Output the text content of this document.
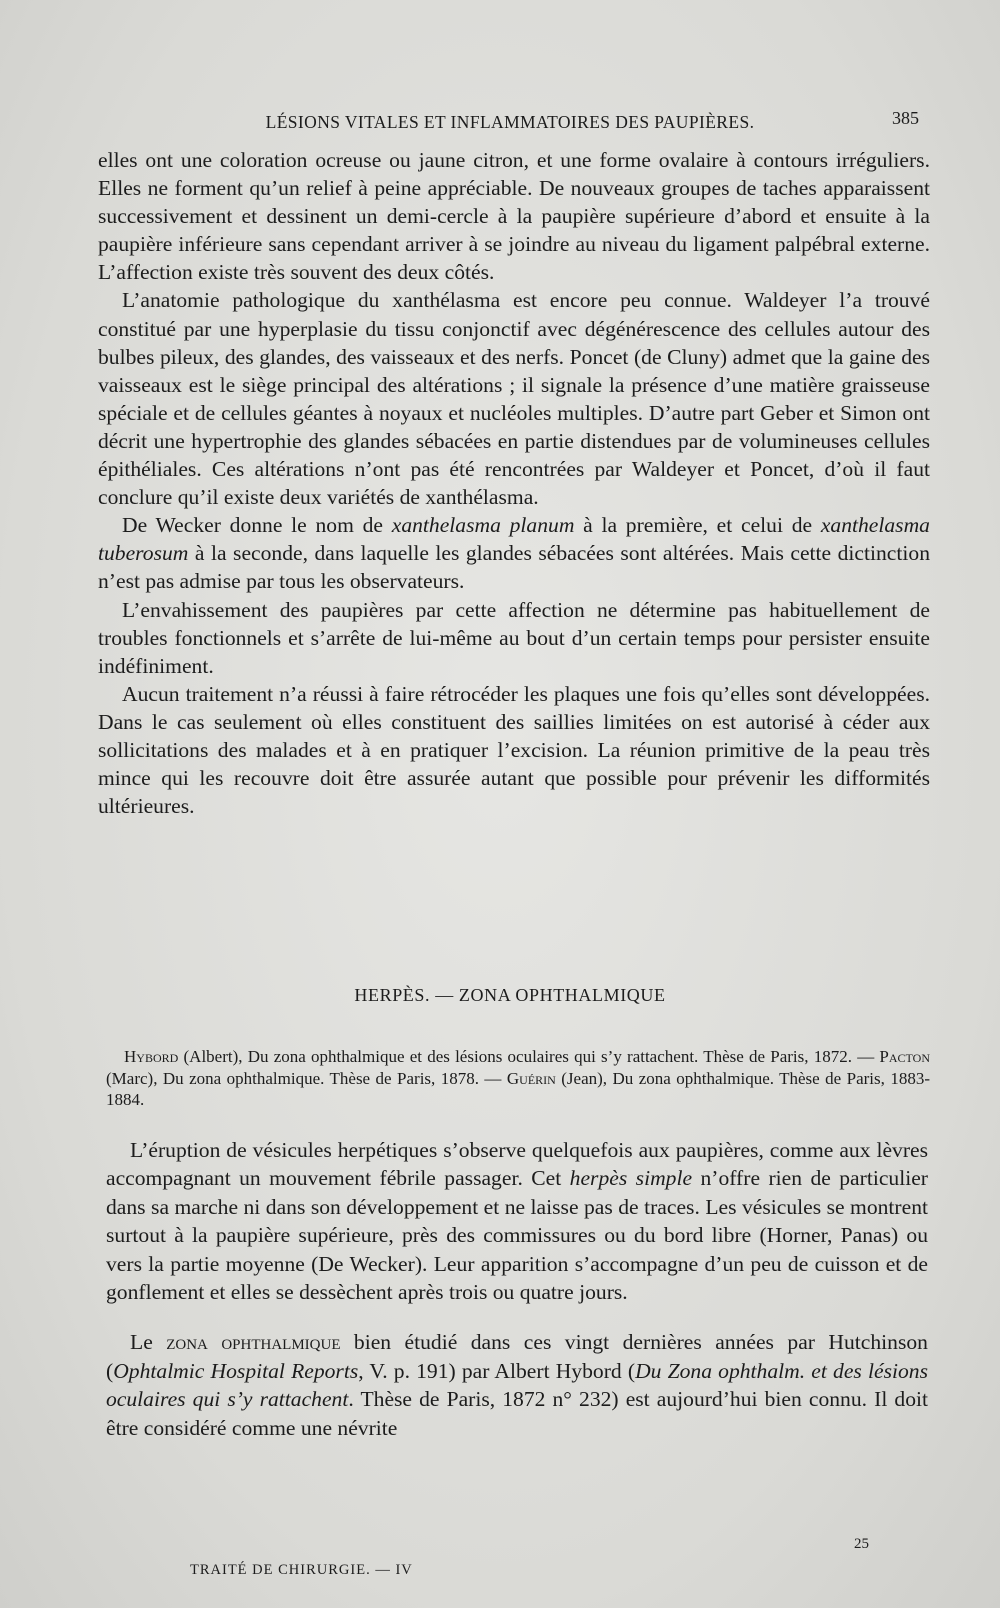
LÉSIONS VITALES ET INFLAMMATOIRES DES PAUPIÈRES.	385

elles ont une coloration ocreuse ou jaune citron, et une forme ovalaire à contours irréguliers. Elles ne forment qu’un relief à peine appréciable. De nouveaux groupes de taches apparaissent successivement et dessinent un demi-cercle à la paupière supérieure d’abord et ensuite à la paupière inférieure sans cependant arriver à se joindre au niveau du ligament palpébral externe. L’affection existe très souvent des deux côtés.

L’anatomie pathologique du xanthélasma est encore peu connue. Waldeyer l’a trouvé constitué par une hyperplasie du tissu conjonctif avec dégénérescence des cellules autour des bulbes pileux, des glandes, des vaisseaux et des nerfs. Poncet (de Cluny) admet que la gaine des vaisseaux est le siège principal des altérations ; il signale la présence d’une matière graisseuse spéciale et de cellules géantes à noyaux et nucléoles multiples. D’autre part Geber et Simon ont décrit une hypertrophie des glandes sébacées en partie distendues par de volumineuses cellules épithéliales. Ces altérations n’ont pas été rencontrées par Waldeyer et Poncet, d’où il faut conclure qu’il existe deux variétés de xanthélasma.

De Wecker donne le nom de xanthelasma planum à la première, et celui de xanthelasma tuberosum à la seconde, dans laquelle les glandes sébacées sont altérées. Mais cette dictinction n’est pas admise par tous les observateurs.

L’envahissement des paupières par cette affection ne détermine pas habituellement de troubles fonctionnels et s’arrête de lui-même au bout d’un certain temps pour persister ensuite indéfiniment.

Aucun traitement n’a réussi à faire rétrocéder les plaques une fois qu’elles sont développées. Dans le cas seulement où elles constituent des saillies limitées on est autorisé à céder aux sollicitations des malades et à en pratiquer l’excision. La réunion primitive de la peau très mince qui les recouvre doit être assurée autant que possible pour prévenir les difformités ultérieures.

HERPÈS. — ZONA OPHTHALMIQUE

Hybord (Albert), Du zona ophthalmique et des lésions oculaires qui s’y rattachent. Thèse de Paris, 1872. — Pacton (Marc), Du zona ophthalmique. Thèse de Paris, 1878. — Guérin (Jean), Du zona ophthalmique. Thèse de Paris, 1883-1884.

L’éruption de vésicules herpétiques s’observe quelquefois aux paupières, comme aux lèvres accompagnant un mouvement fébrile passager. Cet herpès simple n’offre rien de particulier dans sa marche ni dans son développement et ne laisse pas de traces. Les vésicules se montrent surtout à la paupière supérieure, près des commissures ou du bord libre (Horner, Panas) ou vers la partie moyenne (De Wecker). Leur apparition s’accompagne d’un peu de cuisson et de gonflement et elles se dessèchent après trois ou quatre jours.

Le zona ophthalmique bien étudié dans ces vingt dernières années par Hutchinson (Ophtalmic Hospital Reports, V. p. 191) par Albert Hybord (Du Zona ophthalm. et des lésions oculaires qui s’y rattachent. Thèse de Paris, 1872 n° 232) est aujourd’hui bien connu. Il doit être considéré comme une névrite

25
TRAITÉ DE CHIRURGIE. — IV
